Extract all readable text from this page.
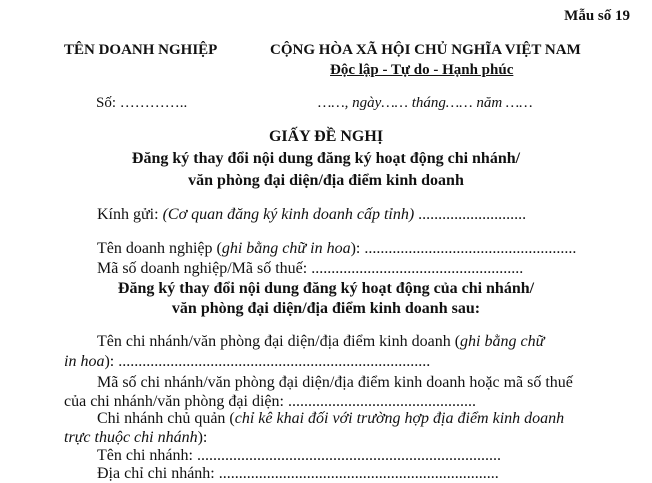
Mẫu số 19
TÊN DOANH NGHIỆP	CỘNG HÒA XÃ HỘI CHỦ NGHĨA VIỆT NAM
Độc lập - Tự do - Hạnh phúc
Số: …………..	……, ngày…… tháng…… năm ……
GIẤY ĐỀ NGHỊ
Đăng ký thay đổi nội dung đăng ký hoạt động chi nhánh/
văn phòng đại diện/địa điểm kinh doanh
Kính gửi: (Cơ quan đăng ký kinh doanh cấp tỉnh) ...........................
Tên doanh nghiệp (ghi bằng chữ in hoa): .....................................................
Mã số doanh nghiệp/Mã số thuế: .....................................................
Đăng ký thay đổi nội dung đăng ký hoạt động của chi nhánh/
văn phòng đại diện/địa điểm kinh doanh sau:
Tên chi nhánh/văn phòng đại diện/địa điểm kinh doanh (ghi bằng chữ
in hoa): ..............................................................................
Mã số chi nhánh/văn phòng đại diện/địa điểm kinh doanh hoặc mã số thuế
của chi nhánh/văn phòng đại diện: ...............................................
Chi nhánh chủ quản (chỉ kê khai đối với trường hợp địa điểm kinh doanh
trực thuộc chi nhánh):
Tên chi nhánh: ............................................................................
Địa chỉ chi nhánh: ......................................................................
